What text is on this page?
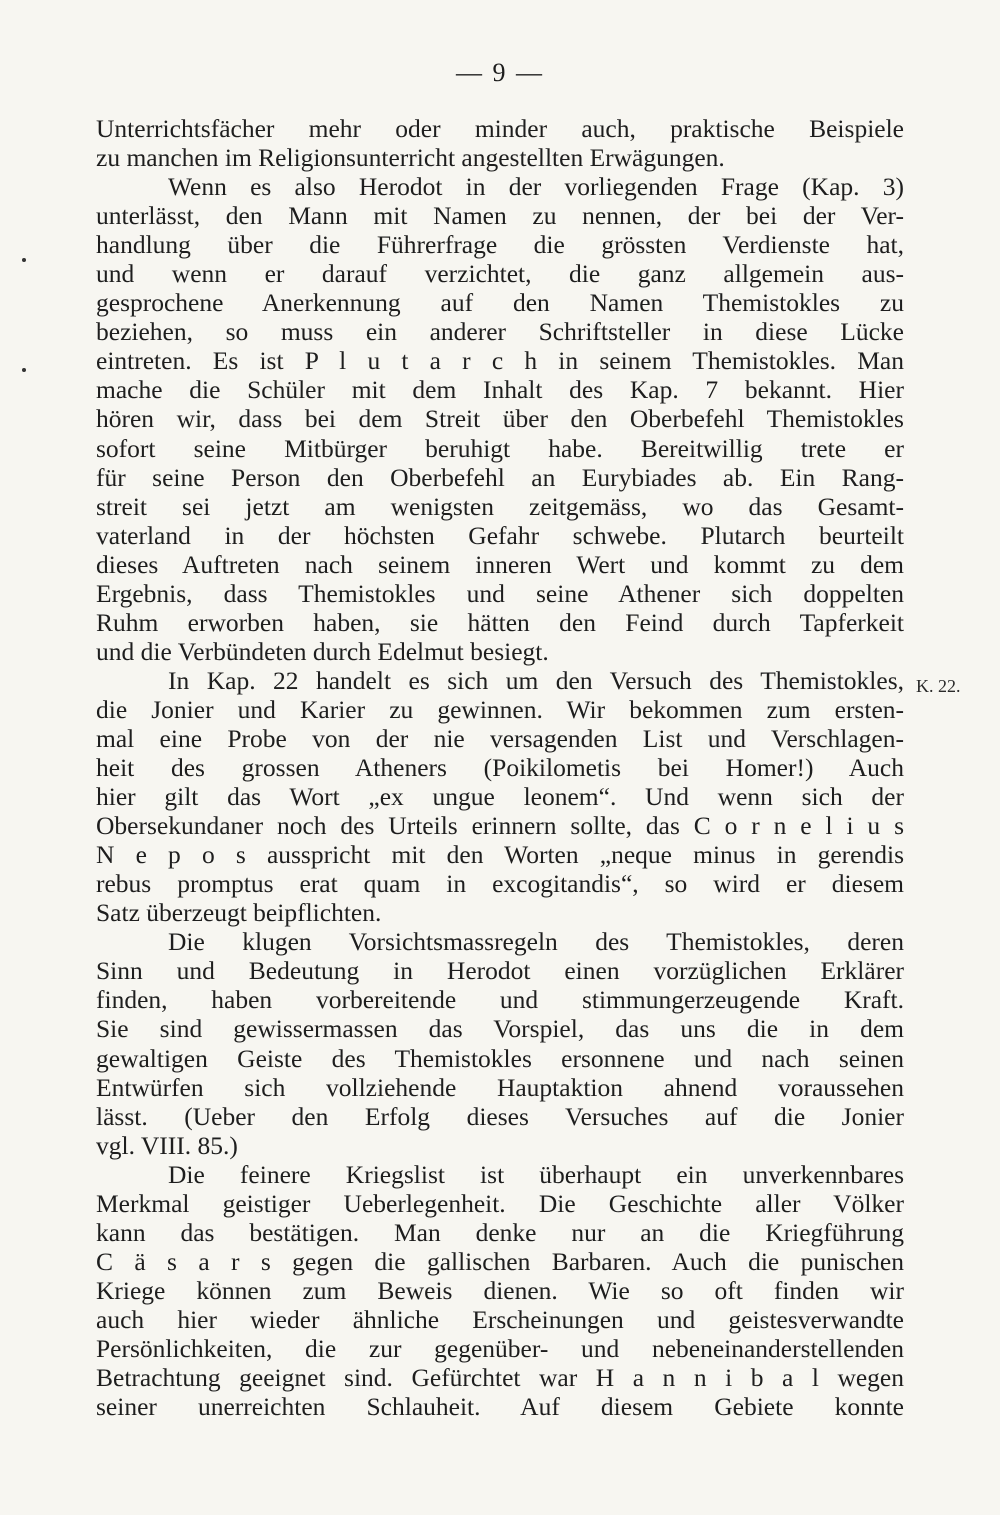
— 9 —
K. 22.
Unterrichtsfächer mehr oder minder auch, praktische Beispiele
zu manchen im Religionsunterricht angestellten Erwägungen.
Wenn es also Herodot in der vorliegenden Frage (Kap. 3)
unterlässt, den Mann mit Namen zu nennen, der bei der Ver-
handlung über die Führerfrage die grössten Verdienste hat,
und wenn er darauf verzichtet, die ganz allgemein aus-
gesprochene Anerkennung auf den Namen Themistokles zu
beziehen, so muss ein anderer Schriftsteller in diese Lücke
eintreten. Es ist P l u t a r c h in seinem Themistokles. Man
mache die Schüler mit dem Inhalt des Kap. 7 bekannt. Hier
hören wir, dass bei dem Streit über den Oberbefehl Themistokles
sofort seine Mitbürger beruhigt habe. Bereitwillig trete er
für seine Person den Oberbefehl an Eurybiades ab. Ein Rang-
streit sei jetzt am wenigsten zeitgemäss, wo das Gesamt-
vaterland in der höchsten Gefahr schwebe. Plutarch beurteilt
dieses Auftreten nach seinem inneren Wert und kommt zu dem
Ergebnis, dass Themistokles und seine Athener sich doppelten
Ruhm erworben haben, sie hätten den Feind durch Tapferkeit
und die Verbündeten durch Edelmut besiegt.
In Kap. 22 handelt es sich um den Versuch des Themistokles,
die Jonier und Karier zu gewinnen. Wir bekommen zum ersten-
mal eine Probe von der nie versagenden List und Verschlagen-
heit des grossen Atheners (Poikilometis bei Homer!) Auch
hier gilt das Wort „ex ungue leonem“. Und wenn sich der
Obersekundaner noch des Urteils erinnern sollte, das C o r n e l i u s
N e p o s ausspricht mit den Worten „neque minus in gerendis
rebus promptus erat quam in excogitandis“, so wird er diesem
Satz überzeugt beipflichten.
Die klugen Vorsichtsmassregeln des Themistokles, deren
Sinn und Bedeutung in Herodot einen vorzüglichen Erklärer
finden, haben vorbereitende und stimmungerzeugende Kraft.
Sie sind gewissermassen das Vorspiel, das uns die in dem
gewaltigen Geiste des Themistokles ersonnene und nach seinen
Entwürfen sich vollziehende Hauptaktion ahnend voraussehen
lässt. (Ueber den Erfolg dieses Versuches auf die Jonier
vgl. VIII. 85.)
Die feinere Kriegslist ist überhaupt ein unverkennbares
Merkmal geistiger Ueberlegenheit. Die Geschichte aller Völker
kann das bestätigen. Man denke nur an die Kriegführung
C ä s a r s gegen die gallischen Barbaren. Auch die punischen
Kriege können zum Beweis dienen. Wie so oft finden wir
auch hier wieder ähnliche Erscheinungen und geistesverwandte
Persönlichkeiten, die zur gegenüber- und nebeneinanderstellenden
Betrachtung geeignet sind. Gefürchtet war H a n n i b a l wegen
seiner unerreichten Schlauheit. Auf diesem Gebiete konnte
